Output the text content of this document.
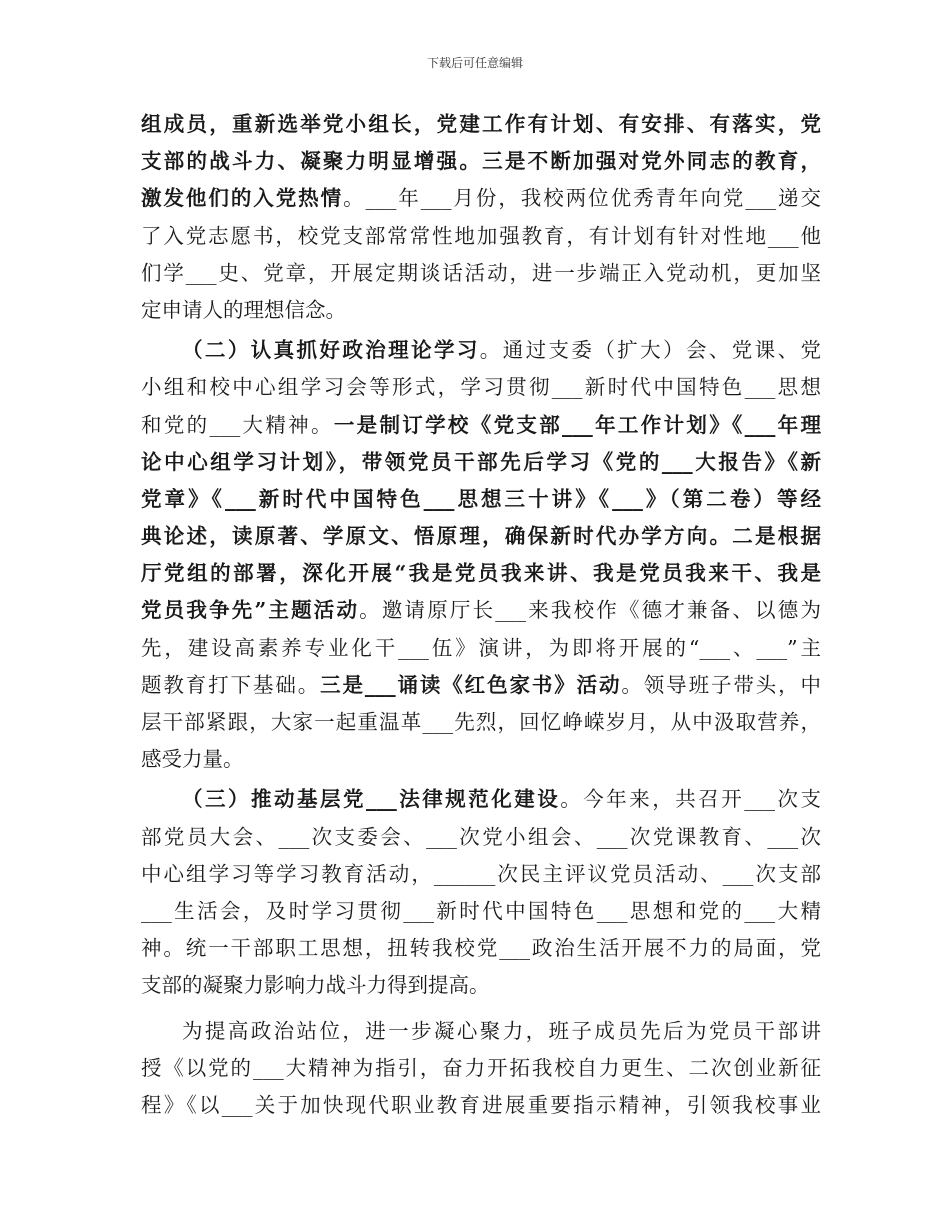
下载后可任意编辑
组成员，重新选举党小组长，党建工作有计划、有安排、有落实，党
支部的战斗力、凝聚力明显增强。三是不断加强对党外同志的教育，
激发他们的入党热情。___年___月份，我校两位优秀青年向党___递交
了入党志愿书，校党支部常常性地加强教育，有计划有针对性地___他
们学___史、党章，开展定期谈话活动，进一步端正入党动机，更加坚
定申请人的理想信念。
（二）认真抓好政治理论学习。通过支委（扩大）会、党课、党
小组和校中心组学习会等形式，学习贯彻___新时代中国特色___思想
和党的___大精神。一是制订学校《党支部___年工作计划》《___年理
论中心组学习计划》，带领党员干部先后学习《党的___大报告》《新
党章》《___新时代中国特色___思想三十讲》《___》（第二卷）等经
典论述，读原著、学原文、悟原理，确保新时代办学方向。二是根据
厅党组的部署，深化开展“我是党员我来讲、我是党员我来干、我是
党员我争先”主题活动。邀请原厅长___来我校作《德才兼备、以德为
先，建设高素养专业化干___伍》演讲，为即将开展的“___、___”主
题教育打下基础。三是___诵读《红色家书》活动。领导班子带头，中
层干部紧跟，大家一起重温革___先烈，回忆峥嵘岁月，从中汲取营养，
感受力量。
（三）推动基层党___法律规范化建设。今年来，共召开___次支
部党员大会、___次支委会、___次党小组会、___次党课教育、___次
中心组学习等学习教育活动，______次民主评议党员活动、___次支部
___生活会，及时学习贯彻___新时代中国特色___思想和党的___大精
神。统一干部职工思想，扭转我校党___政治生活开展不力的局面，党
支部的凝聚力影响力战斗力得到提高。
为提高政治站位，进一步凝心聚力，班子成员先后为党员干部讲
授《以党的___大精神为指引，奋力开拓我校自力更生、二次创业新征
程》《以___关于加快现代职业教育进展重要指示精神，引领我校事业
